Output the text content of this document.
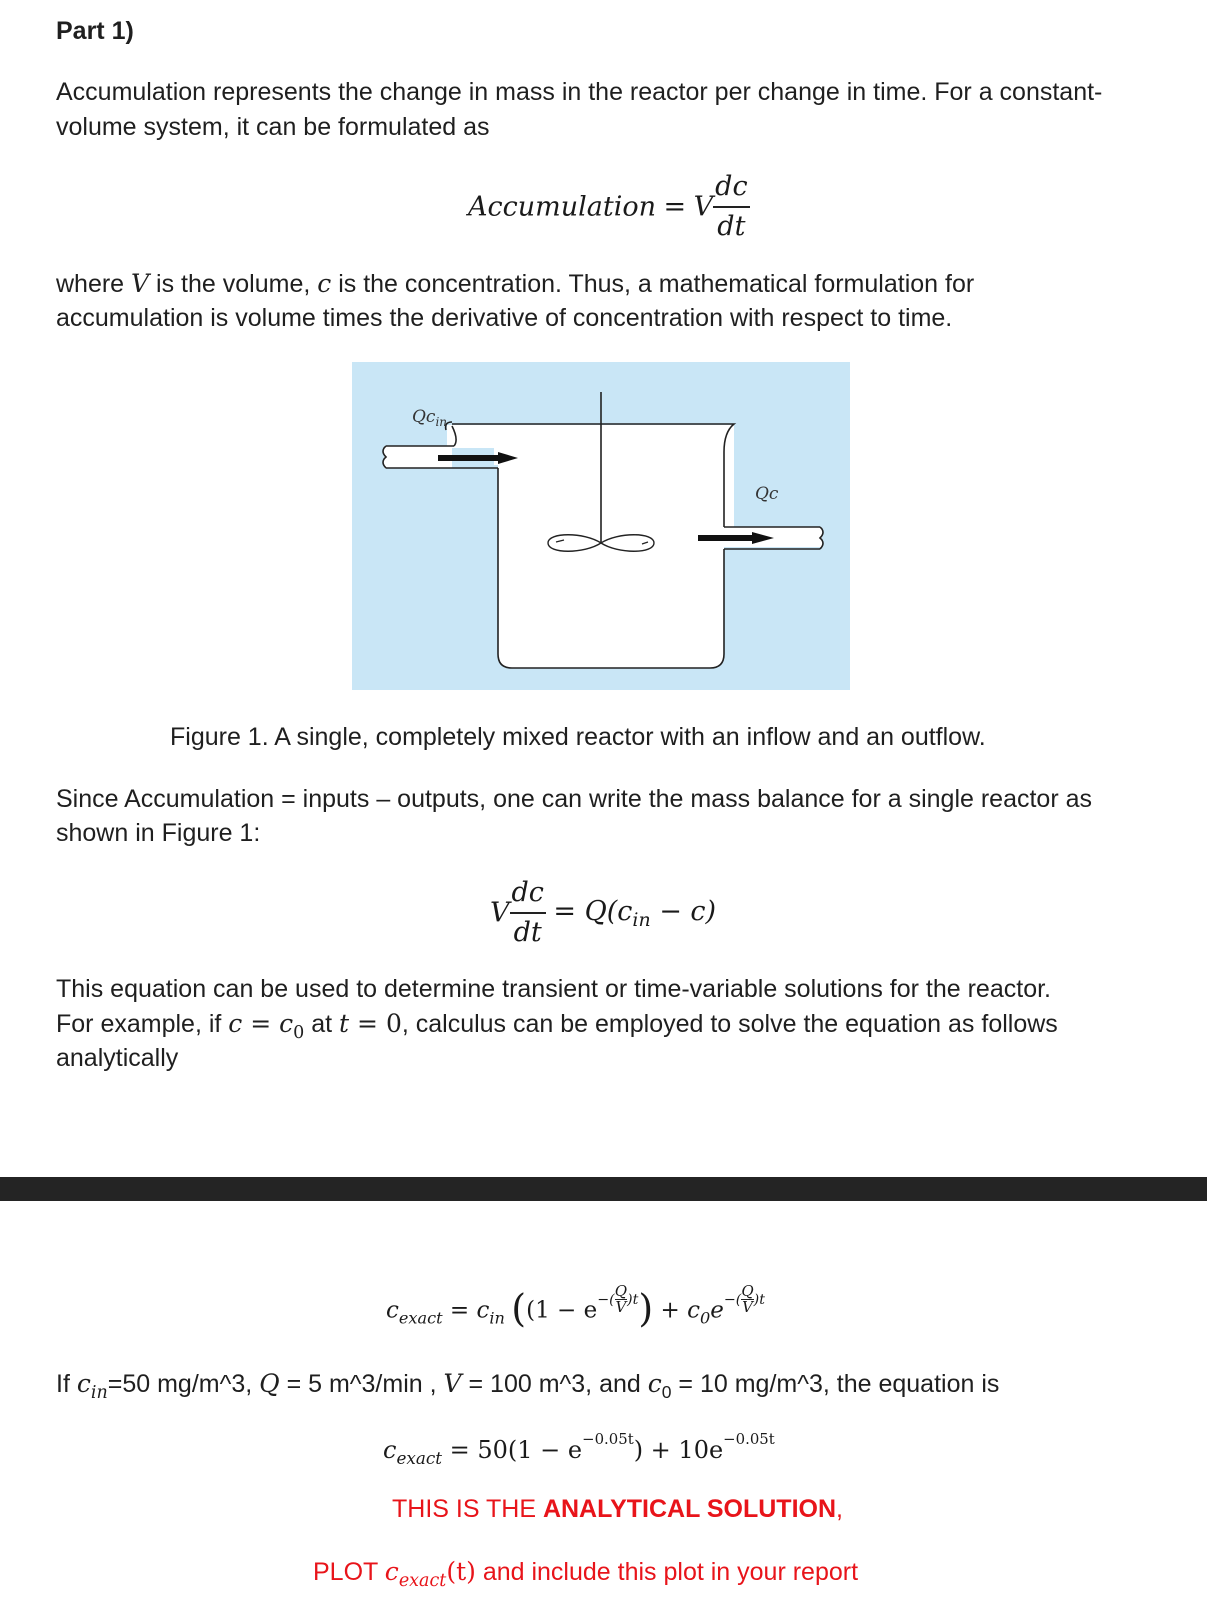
Part 1)
Accumulation represents the change in mass in the reactor per change in time. For a constant-
volume system, it can be formulated as
Accumulation = V $\frac{dc}{dt}$
where V is the volume, c is the concentration. Thus, a mathematical formulation for
accumulation is volume times the derivative of concentration with respect to time.
$Qc_{in}$
Qc
Figure 1. A single, completely mixed reactor with an inflow and an outflow.
Since Accumulation = inputs – outputs, one can write the mass balance for a single reactor as
shown in Figure 1:
V $\frac{dc}{dt} = Q(c_{in} - c)$
This equation can be used to determine transient or time-variable solutions for the reactor.
For example, if $c = c_0$ at t = 0, calculus can be employed to solve the equation as follows
analytically
$c_{exact} = c_{in}$ ($(1 - e^{-( \frac{Q}{V} )t}) + c_0e^{-( \frac{Q}{V} )t}$
If $c_{in}=50$ mg/m^3, Q = 5 m^3/min , V = 100 m^3, and $c_0 = 10$ mg/m^3, the equation is
$c_{exact} = 50(1 - e^{-0.05t}) + 10e^{-0.05t}$
THIS IS THE ANALYTICAL SOLUTION,
PLOT $c_{exact}(t)$ and include this plot in your report
